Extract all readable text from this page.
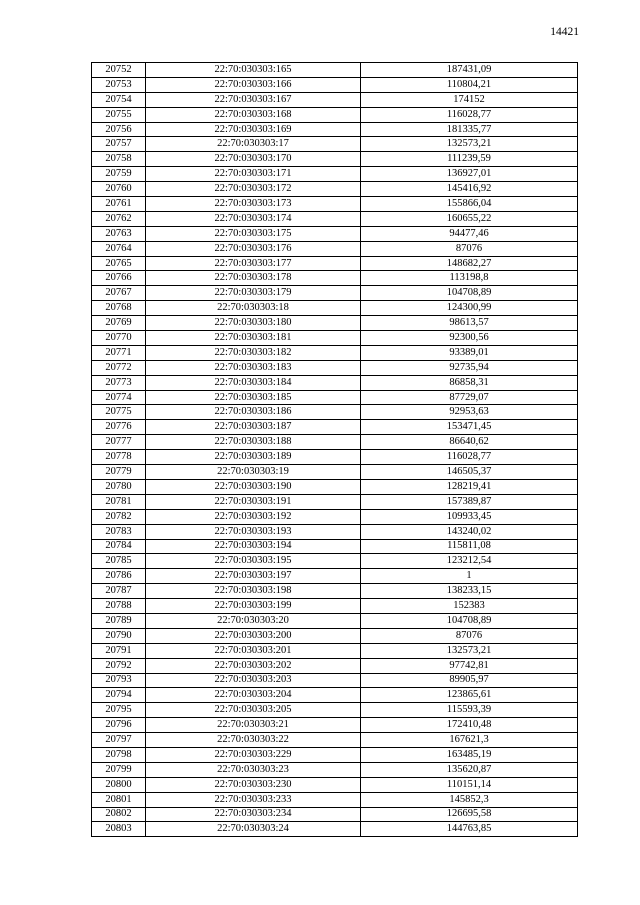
14421
20752	22:70:030303:165	187431,09
20753	22:70:030303:166	110804,21
20754	22:70:030303:167	174152
20755	22:70:030303:168	116028,77
20756	22:70:030303:169	181335,77
20757	22:70:030303:17	132573,21
20758	22:70:030303:170	111239,59
20759	22:70:030303:171	136927,01
20760	22:70:030303:172	145416,92
20761	22:70:030303:173	155866,04
20762	22:70:030303:174	160655,22
20763	22:70:030303:175	94477,46
20764	22:70:030303:176	87076
20765	22:70:030303:177	148682,27
20766	22:70:030303:178	113198,8
20767	22:70:030303:179	104708,89
20768	22:70:030303:18	124300,99
20769	22:70:030303:180	98613,57
20770	22:70:030303:181	92300,56
20771	22:70:030303:182	93389,01
20772	22:70:030303:183	92735,94
20773	22:70:030303:184	86858,31
20774	22:70:030303:185	87729,07
20775	22:70:030303:186	92953,63
20776	22:70:030303:187	153471,45
20777	22:70:030303:188	86640,62
20778	22:70:030303:189	116028,77
20779	22:70:030303:19	146505,37
20780	22:70:030303:190	128219,41
20781	22:70:030303:191	157389,87
20782	22:70:030303:192	109933,45
20783	22:70:030303:193	143240,02
20784	22:70:030303:194	115811,08
20785	22:70:030303:195	123212,54
20786	22:70:030303:197	1
20787	22:70:030303:198	138233,15
20788	22:70:030303:199	152383
20789	22:70:030303:20	104708,89
20790	22:70:030303:200	87076
20791	22:70:030303:201	132573,21
20792	22:70:030303:202	97742,81
20793	22:70:030303:203	89905,97
20794	22:70:030303:204	123865,61
20795	22:70:030303:205	115593,39
20796	22:70:030303:21	172410,48
20797	22:70:030303:22	167621,3
20798	22:70:030303:229	163485,19
20799	22:70:030303:23	135620,87
20800	22:70:030303:230	110151,14
20801	22:70:030303:233	145852,3
20802	22:70:030303:234	126695,58
20803	22:70:030303:24	144763,85
